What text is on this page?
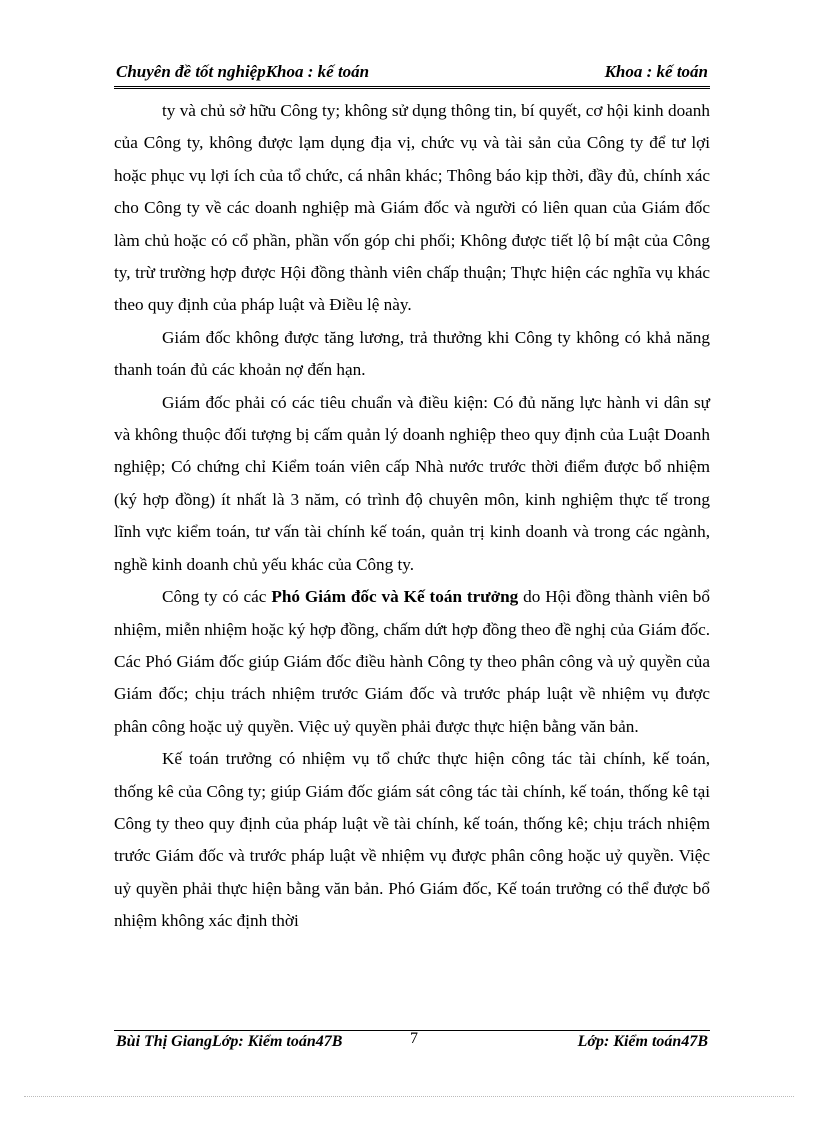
Chuyên đề tốt nghiệpKhoa : kế toán	Khoa : kế toán

ty và chủ sở hữu Công ty; không sử dụng thông tin, bí quyết, cơ hội kinh doanh của Công ty, không được lạm dụng địa vị, chức vụ và tài sản của Công ty để tư lợi hoặc phục vụ lợi ích của tổ chức, cá nhân khác; Thông báo kịp thời, đầy đủ, chính xác cho Công ty về các doanh nghiệp mà Giám đốc và người có liên quan của Giám đốc làm chủ hoặc có cổ phần, phần vốn góp chi phối; Không được tiết lộ bí mật của Công ty, trừ trường hợp được Hội đồng thành viên chấp thuận; Thực hiện các nghĩa vụ khác theo quy định của pháp luật và Điều lệ này.

Giám đốc không được tăng lương, trả thưởng khi Công ty không có khả năng thanh toán đủ các khoản nợ đến hạn.

Giám đốc phải có các tiêu chuẩn và điều kiện: Có đủ năng lực hành vi dân sự và không thuộc đối tượng bị cấm quản lý doanh nghiệp theo quy định của Luật Doanh nghiệp; Có chứng chỉ Kiểm toán viên cấp Nhà nước trước thời điểm được bổ nhiệm (ký hợp đồng) ít nhất là 3 năm, có trình độ chuyên môn, kinh nghiệm thực tế trong lĩnh vực kiểm toán, tư vấn tài chính kế toán, quản trị kinh doanh và trong các ngành, nghề kinh doanh chủ yếu khác của Công ty.

Công ty có các Phó Giám đốc và Kế toán trưởng do Hội đồng thành viên bổ nhiệm, miễn nhiệm hoặc ký hợp đồng, chấm dứt hợp đồng theo đề nghị của Giám đốc. Các Phó Giám đốc giúp Giám đốc điều hành Công ty theo phân công và uỷ quyền của Giám đốc; chịu trách nhiệm trước Giám đốc và trước pháp luật về nhiệm vụ được phân công hoặc uỷ quyền. Việc uỷ quyền phải được thực hiện bằng văn bản.

Kế toán trưởng có nhiệm vụ tổ chức thực hiện công tác tài chính, kế toán, thống kê của Công ty; giúp Giám đốc giám sát công tác tài chính, kế toán, thống kê tại Công ty theo quy định của pháp luật về tài chính, kế toán, thống kê; chịu trách nhiệm trước Giám đốc và trước pháp luật về nhiệm vụ được phân công hoặc uỷ quyền. Việc uỷ quyền phải thực hiện bằng văn bản. Phó Giám đốc, Kế toán trưởng có thể được bổ nhiệm không xác định thời

Bùi Thị GiangLớp: Kiểm toán47B	7	Lớp: Kiểm toán47B
